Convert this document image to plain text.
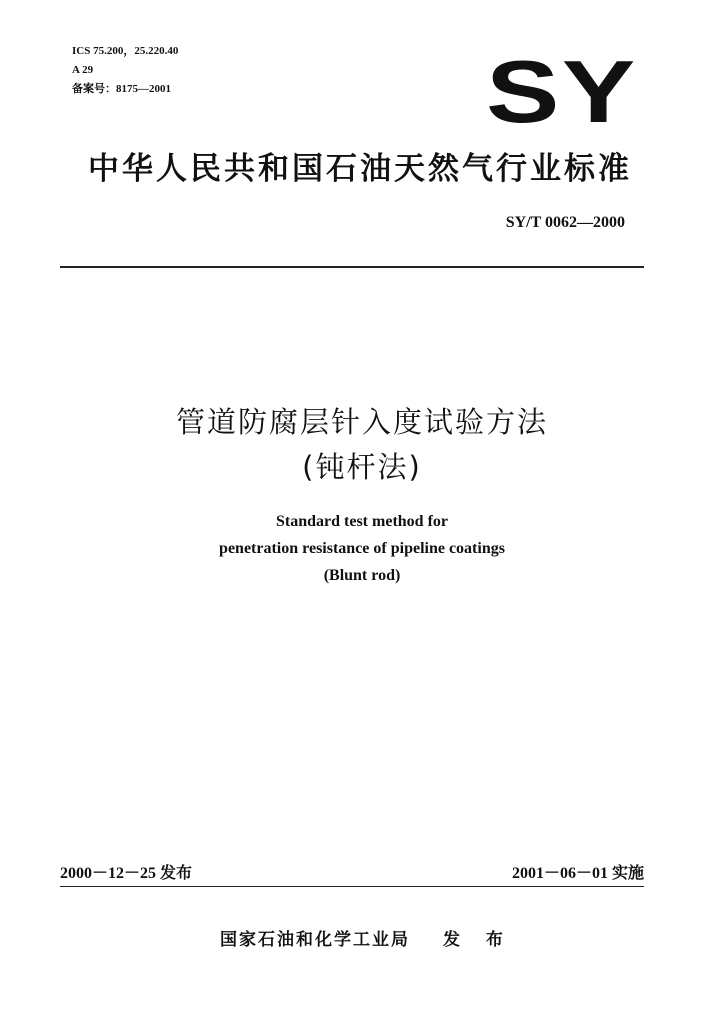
ICS 75.200，25.220.40
A 29
备案号：8175—2001	SY
中华人民共和国石油天然气行业标准
SY/T 0062—2000
管道防腐层针入度试验方法
(钝杆法)
Standard test method for
penetration resistance of pipeline coatings
(Blunt rod)
2000－12－25 发布	2001－06－01 实施
国家石油和化学工业局 发 布
